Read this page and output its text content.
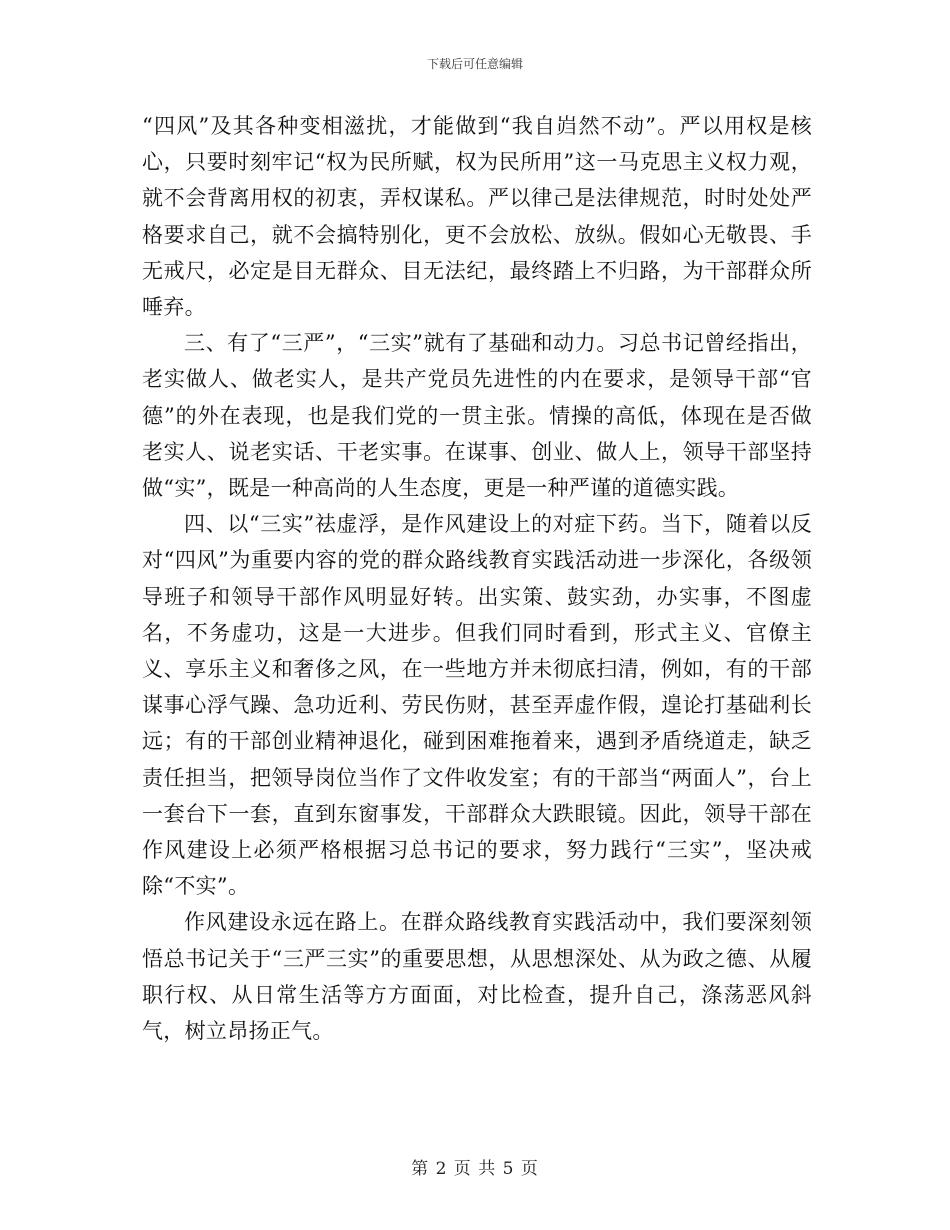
下载后可任意编辑

“四风”及其各种变相滋扰，才能做到“我自岿然不动”。严以用权是核心，只要时刻牢记“权为民所赋，权为民所用”这一马克思主义权力观，就不会背离用权的初衷，弄权谋私。严以律己是法律规范，时时处处严格要求自己，就不会搞特别化，更不会放松、放纵。假如心无敬畏、手无戒尺，必定是目无群众、目无法纪，最终踏上不归路，为干部群众所唾弃。

三、有了“三严”，“三实”就有了基础和动力。习总书记曾经指出，老实做人、做老实人，是共产党员先进性的内在要求，是领导干部“官德”的外在表现，也是我们党的一贯主张。情操的高低，体现在是否做老实人、说老实话、干老实事。在谋事、创业、做人上，领导干部坚持做“实”，既是一种高尚的人生态度，更是一种严谨的道德实践。

四、以“三实”祛虚浮，是作风建设上的对症下药。当下，随着以反对“四风”为重要内容的党的群众路线教育实践活动进一步深化，各级领导班子和领导干部作风明显好转。出实策、鼓实劲，办实事，不图虚名，不务虚功，这是一大进步。但我们同时看到，形式主义、官僚主义、享乐主义和奢侈之风，在一些地方并未彻底扫清，例如，有的干部谋事心浮气躁、急功近利、劳民伤财，甚至弄虚作假，遑论打基础利长远；有的干部创业精神退化，碰到困难拖着来，遇到矛盾绕道走，缺乏责任担当，把领导岗位当作了文件收发室；有的干部当“两面人”，台上一套台下一套，直到东窗事发，干部群众大跌眼镜。因此，领导干部在作风建设上必须严格根据习总书记的要求，努力践行“三实”，坚决戒除“不实”。

作风建设永远在路上。在群众路线教育实践活动中，我们要深刻领悟总书记关于“三严三实”的重要思想，从思想深处、从为政之德、从履职行权、从日常生活等方方面面，对比检查，提升自己，涤荡恶风斜气，树立昂扬正气。

第 2 页 共 5 页
